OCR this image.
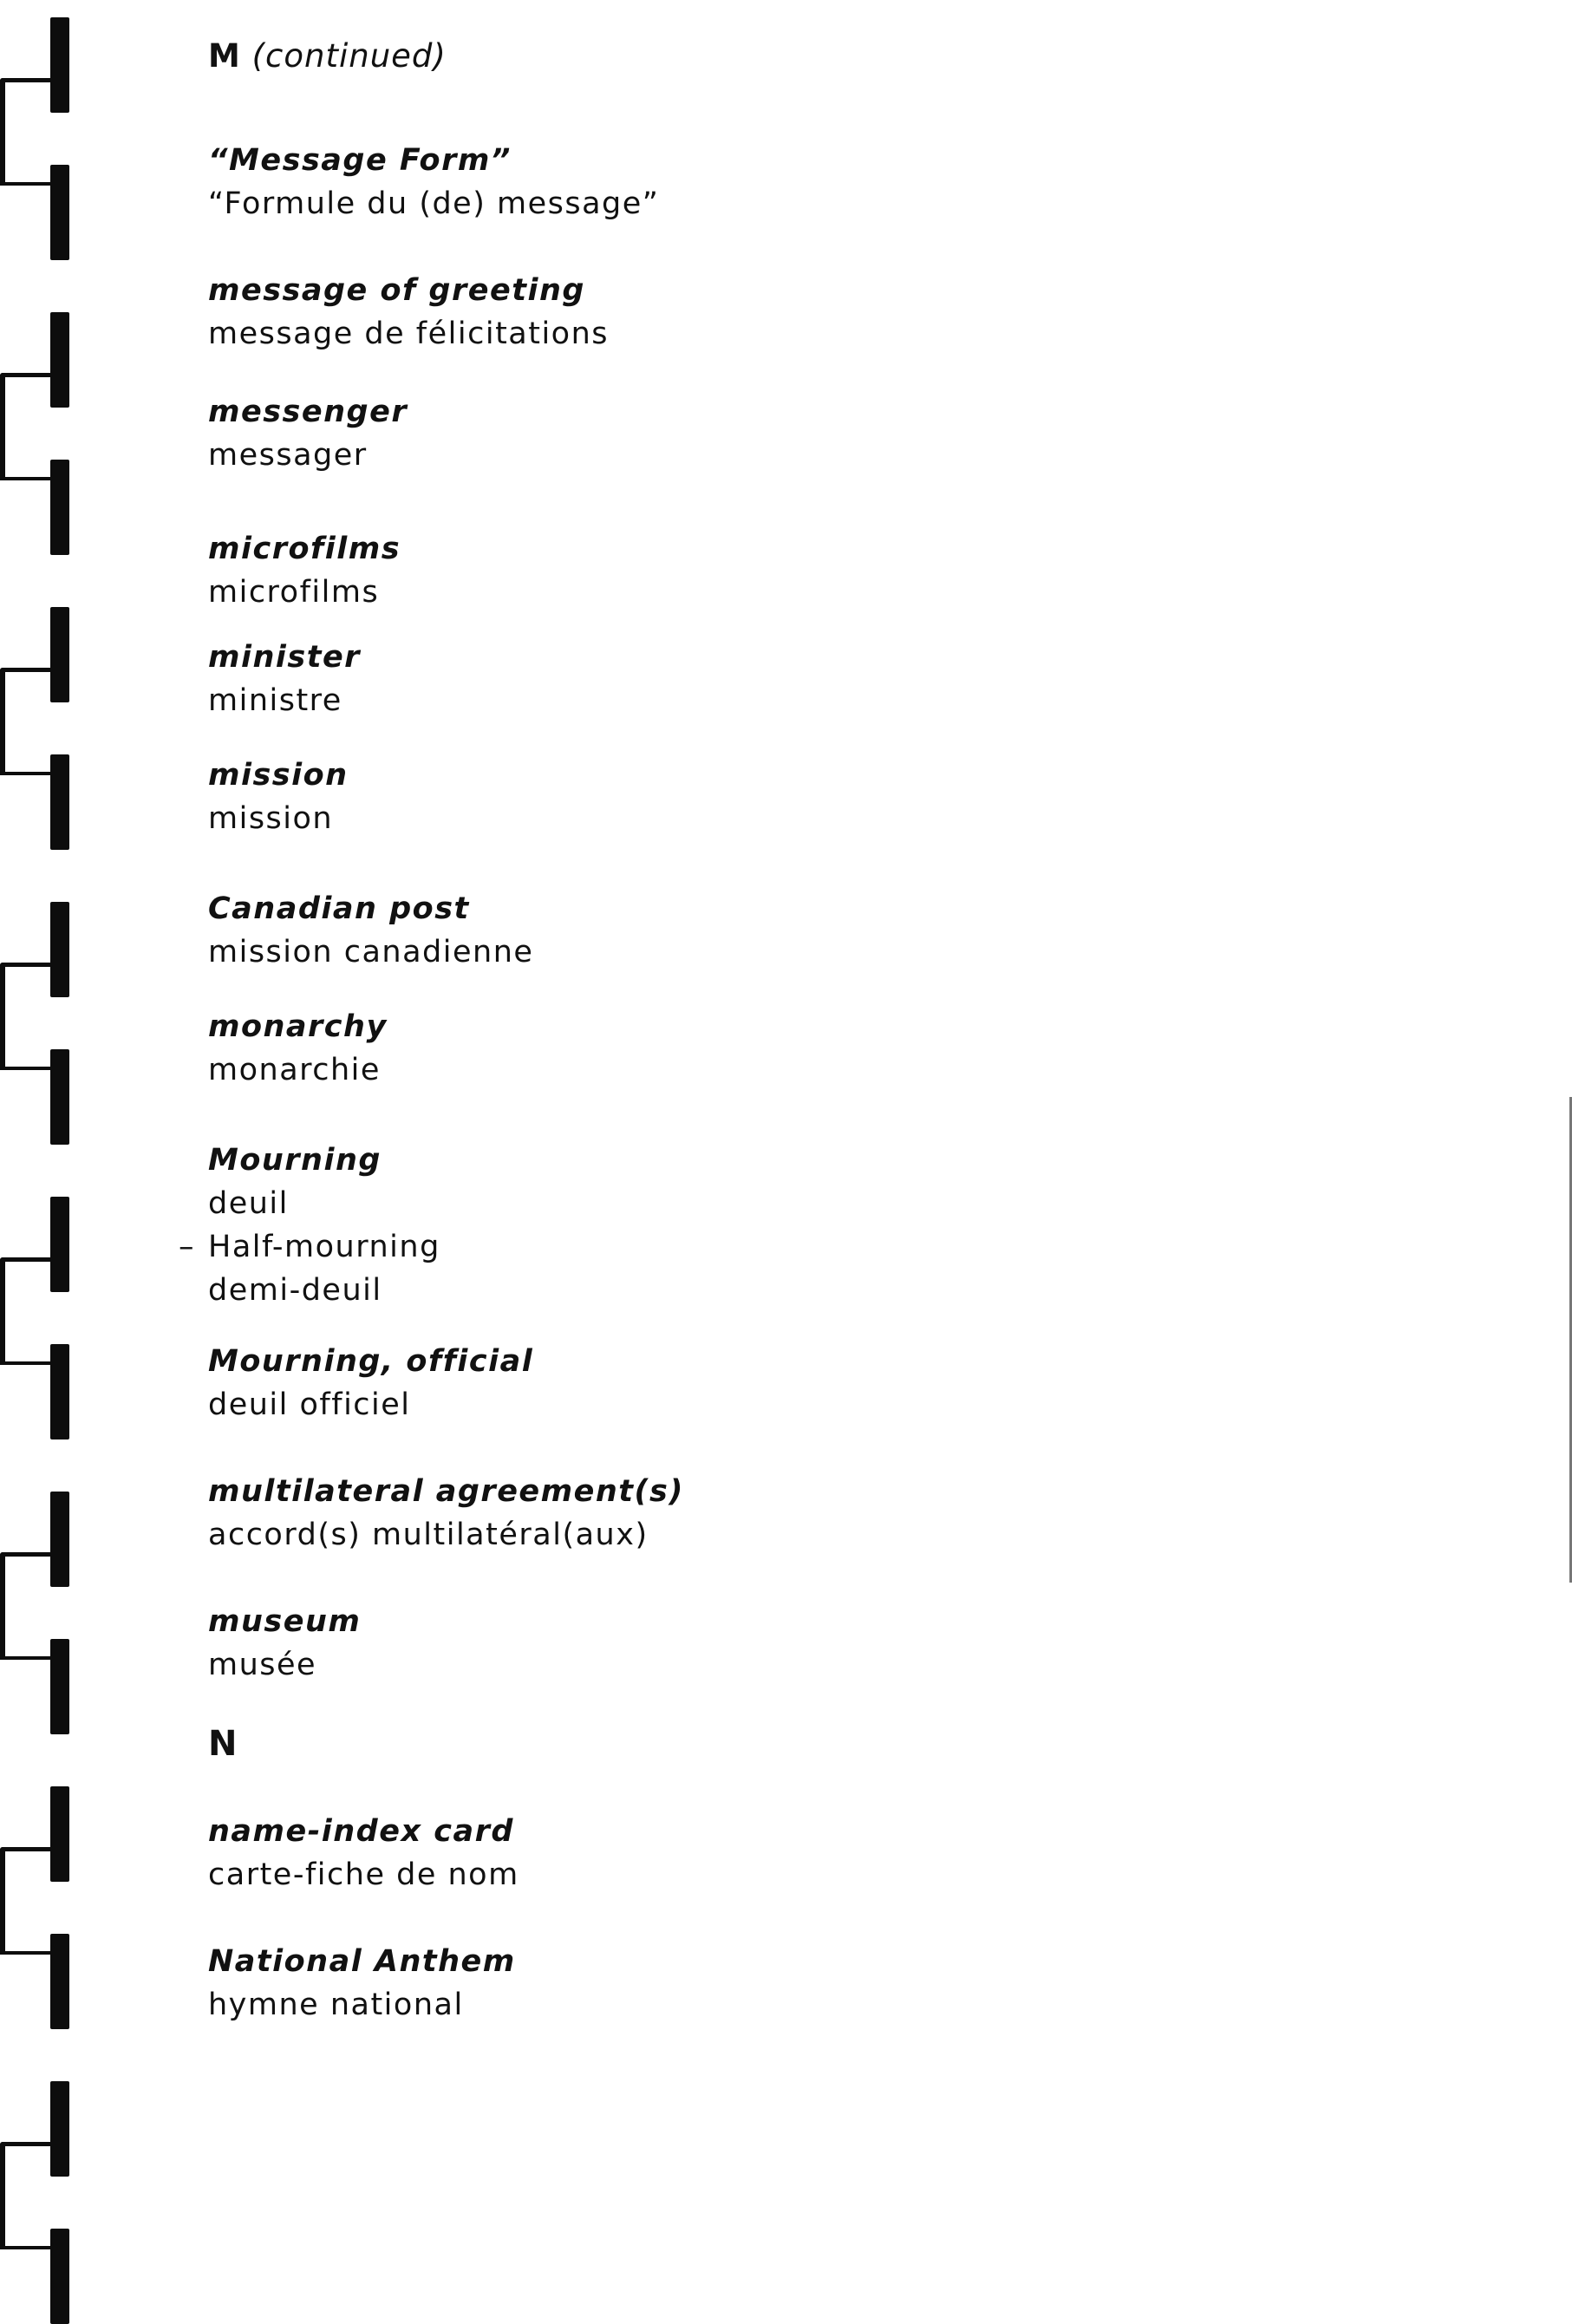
M (continued)
“Message Form”
“Formule du (de) message”
message of greeting
message de félicitations
messenger
messager
microfilms
microfilms
minister
ministre
mission
mission
Canadian post
mission canadienne
monarchy
monarchie
Mourning
deuil
– Half-mourning
demi-deuil
Mourning, official
deuil officiel
multilateral agreement(s)
accord(s) multilatéral(aux)
museum
musée
N
name-index card
carte-fiche de nom
National Anthem
hymne national
